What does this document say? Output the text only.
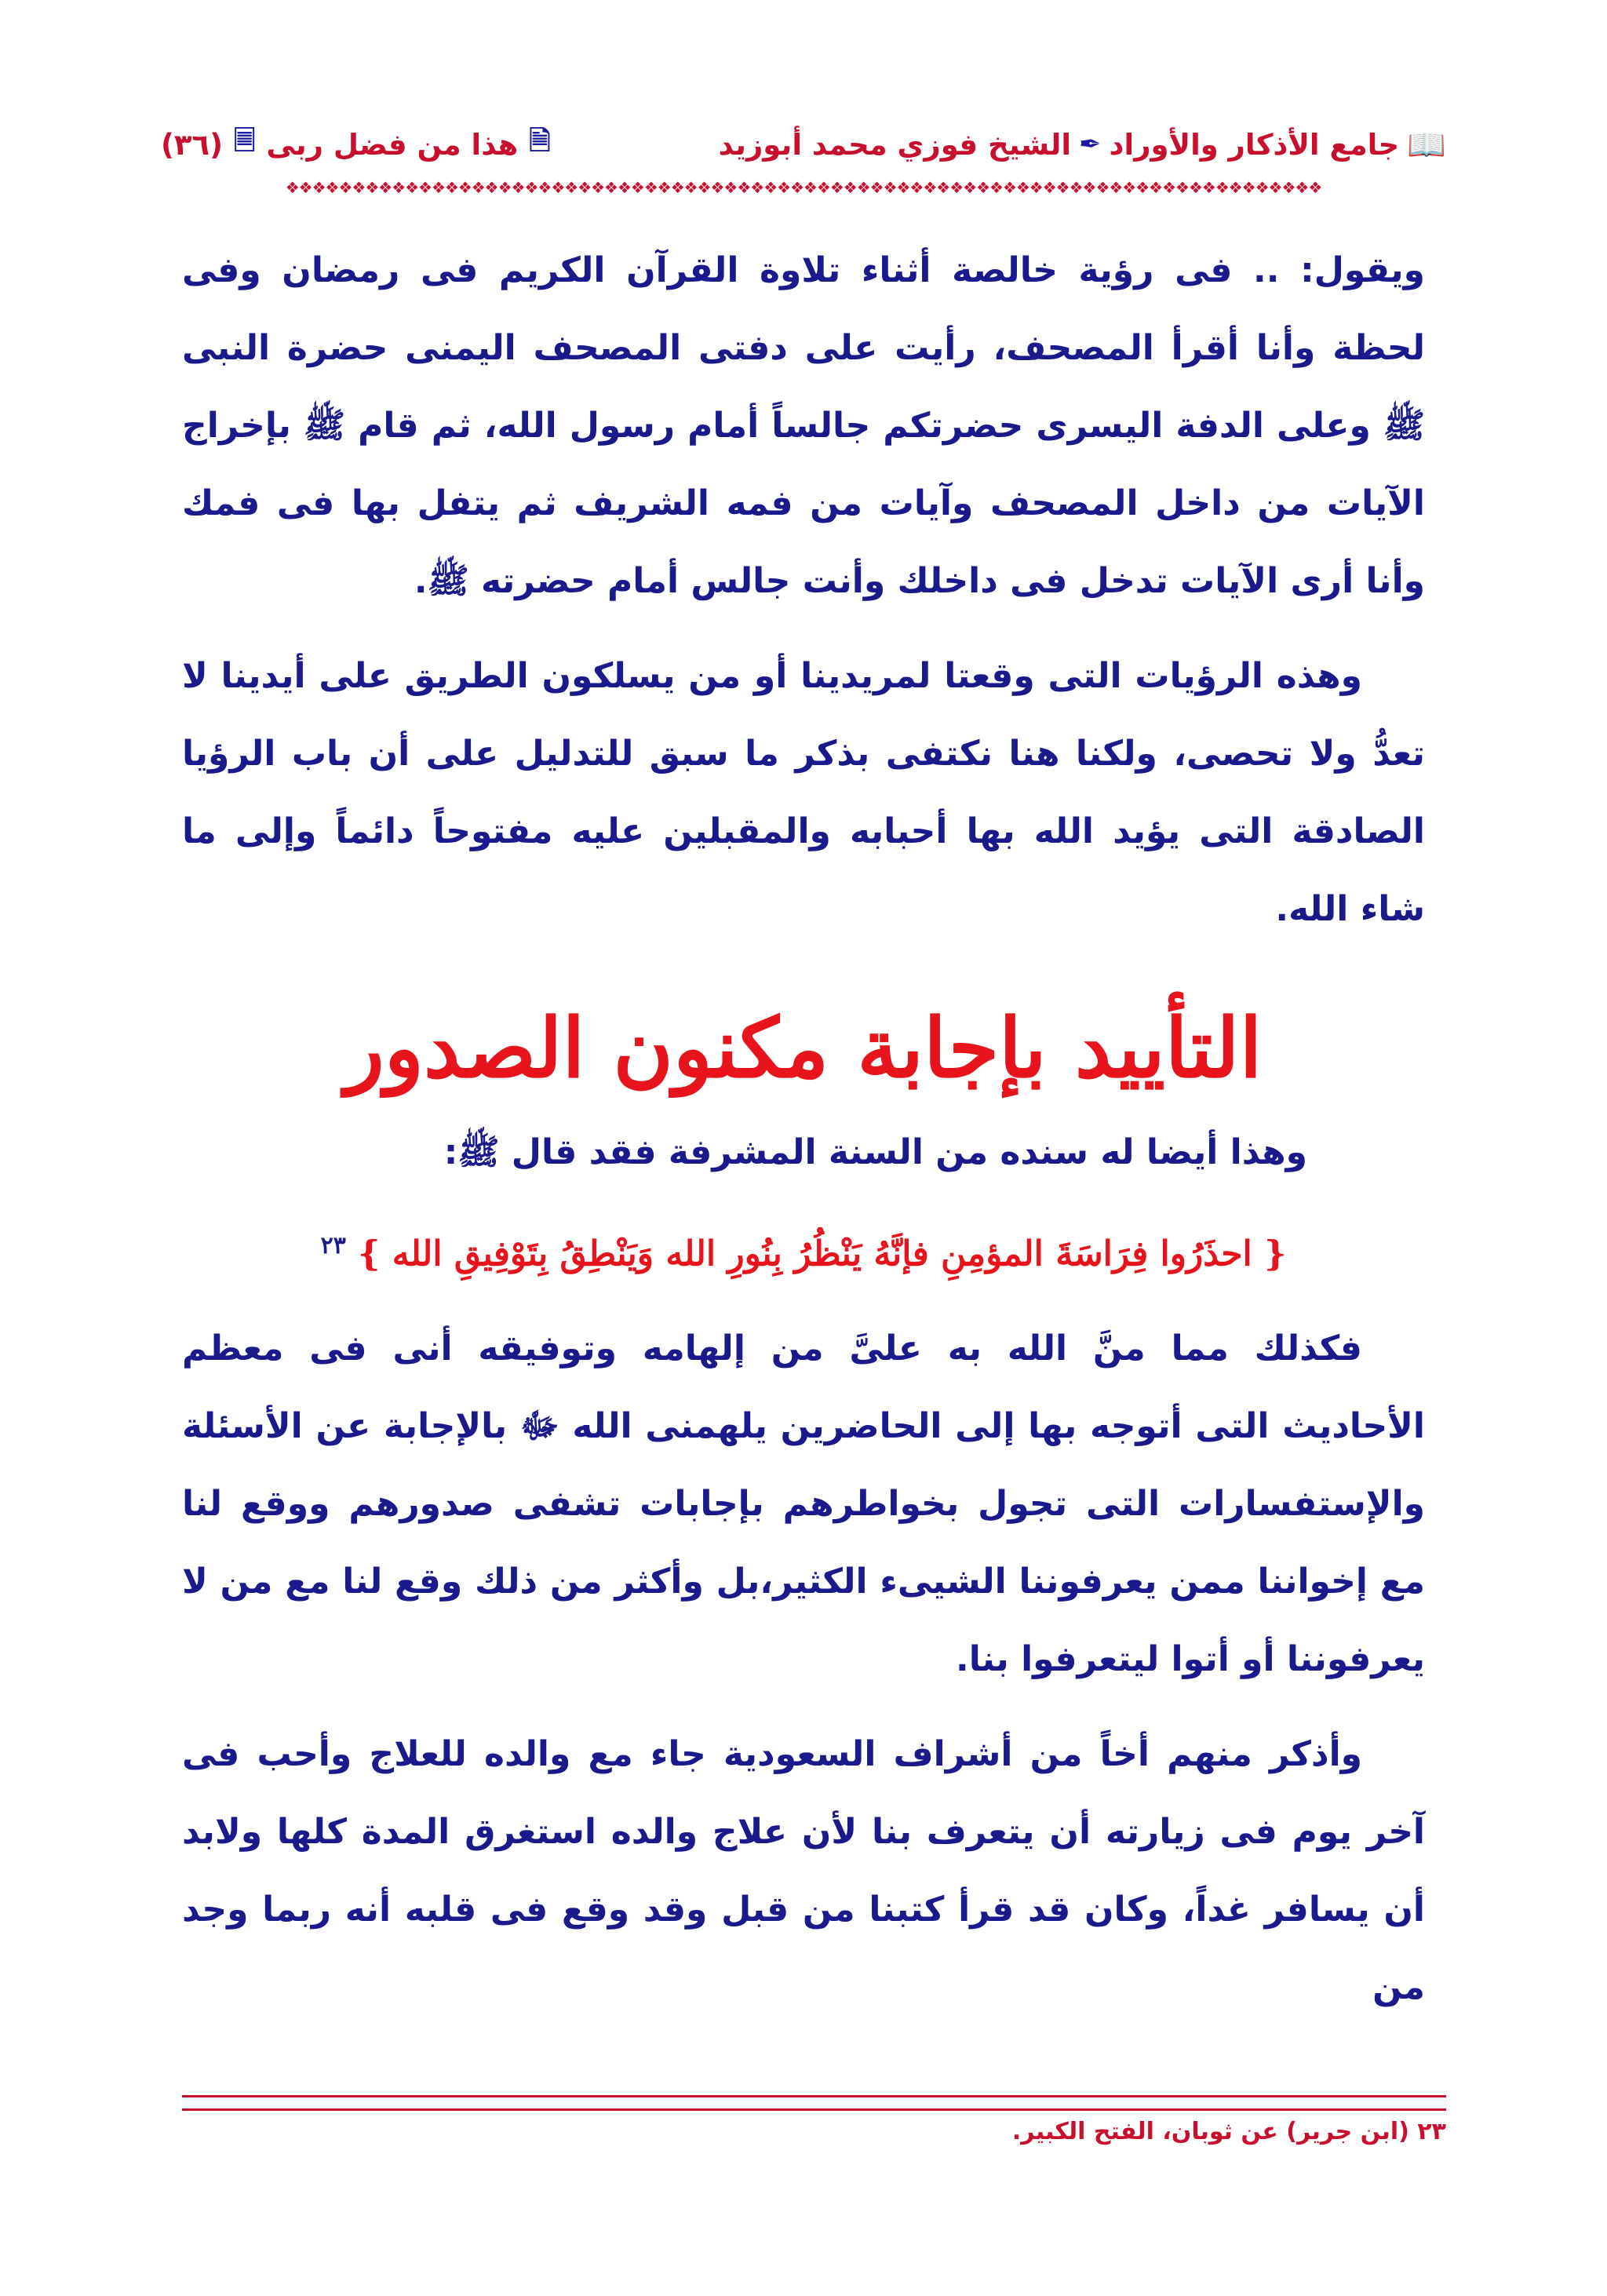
📖
جامع الأذكار والأوراد
✒
الشيخ فوزي محمد أبوزيد
🗎
هذا من فضل ربى
🗏
(٣٦)
❖❖❖❖❖❖❖❖❖❖❖❖❖❖❖❖❖❖❖❖❖❖❖❖❖❖❖❖❖❖❖❖❖❖❖❖❖❖❖❖❖❖❖❖❖❖❖❖❖❖❖❖❖❖❖❖❖❖❖❖❖❖❖❖❖❖❖❖❖❖❖❖❖❖❖❖❖❖

ويقول: .. فى رؤية خالصة أثناء تلاوة القرآن الكريم فى رمضان وفى لحظة وأنا أقرأ المصحف، رأيت على دفتى المصحف اليمنى حضرة النبى ﷺ وعلى الدفة اليسرى حضرتكم جالساً أمام رسول الله، ثم قام ﷺ بإخراج الآيات من داخل المصحف وآيات من فمه الشريف ثم يتفل بها فى فمك وأنا أرى الآيات تدخل فى داخلك وأنت جالس أمام حضرته ﷺ.

وهذه الرؤيات التى وقعتا لمريدينا أو من يسلكون الطريق على أيدينا لا تعدُّ ولا تحصى، ولكنا هنا نكتفى بذكر ما سبق للتدليل على أن باب الرؤيا الصادقة التى يؤيد الله بها أحبابه والمقبلين عليه مفتوحاً دائماً وإلى ما شاء الله.

التأييد بإجابة مكنون الصدور

وهذا أيضا له سنده من السنة المشرفة فقد قال ﷺ:

{ احذَرُوا فِرَاسَةَ المؤمِنِ فإنَّهُ يَنْظُرُ بِنُورِ الله وَيَنْطِقُ بِتَوْفِيقِ الله } $^{٢٣}$

فكذلك مما منَّ الله به علىَّ من إلهامه وتوفيقه أنى فى معظم الأحاديث التى أتوجه بها إلى الحاضرين يلهمنى الله ﷻ بالإجابة عن الأسئلة والإستفسارات التى تجول بخواطرهم بإجابات تشفى صدورهم ووقع لنا مع إخواننا ممن يعرفوننا الشيىء الكثير،بل وأكثر من ذلك وقع لنا مع من لا يعرفوننا أو أتوا ليتعرفوا بنا.

وأذكر منهم أخاً من أشراف السعودية جاء مع والده للعلاج وأحب فى آخر يوم فى زيارته أن يتعرف بنا لأن علاج والده استغرق المدة كلها ولابد أن يسافر غداً، وكان قد قرأ كتبنا من قبل وقد وقع فى قلبه أنه ربما وجد من

٢٣ (ابن جرير) عن ثوبان، الفتح الكبير.
